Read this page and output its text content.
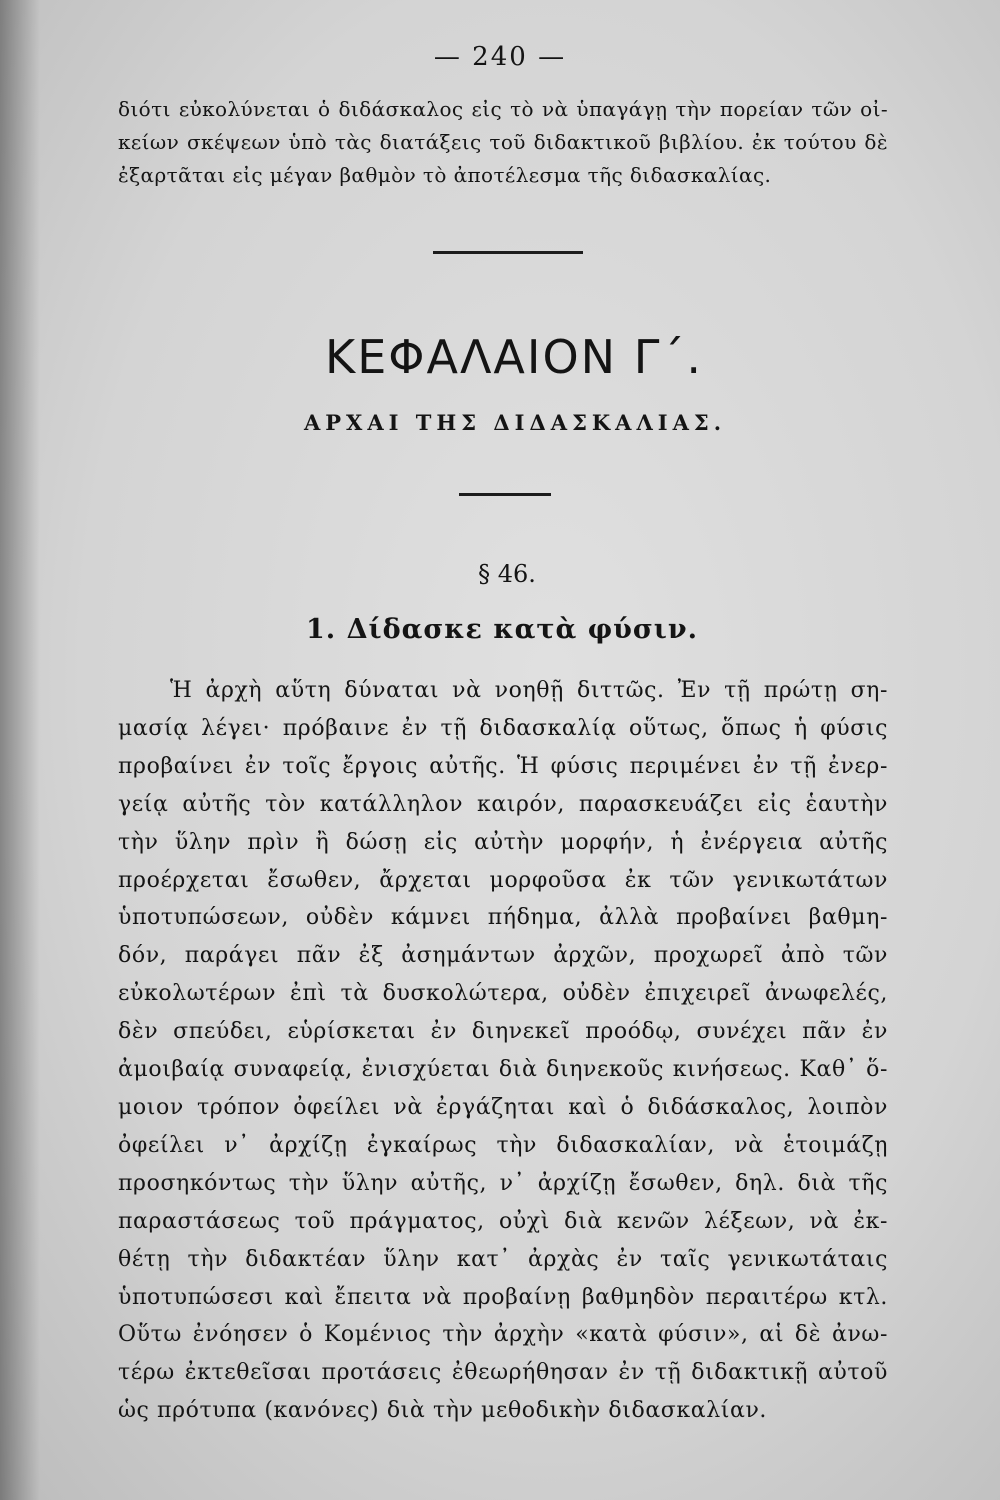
— 240 —
διότι εὐκολύνεται ὁ διδάσκαλος εἰς τὸ νὰ ὑπαγάγῃ τὴν πορείαν τῶν οἰ-
κείων σκέψεων ὑπὸ τὰς διατάξεις τοῦ διδακτικοῦ βιβλίου. ἐκ τούτου δὲ
ἐξαρτᾶται εἰς μέγαν βαθμὸν τὸ ἀποτέλεσμα τῆς διδασκαλίας.
ΚΕΦΑΛΑΙΟΝ Γ΄.
ΑΡΧΑΙ ΤΗΣ ΔΙΔΑΣΚΑΛΙΑΣ.
§ 46.
1. Δίδασκε κατὰ φύσιν.
Ἡ ἀρχὴ αὕτη δύναται νὰ νοηθῇ διττῶς. Ἐν τῇ πρώτῃ ση-
μασίᾳ λέγει· πρόβαινε ἐν τῇ διδασκαλίᾳ οὕτως, ὅπως ἡ φύσις
προβαίνει ἐν τοῖς ἔργοις αὐτῆς. Ἡ φύσις περιμένει ἐν τῇ ἐνερ-
γείᾳ αὐτῆς τὸν κατάλληλον καιρόν, παρασκευάζει εἰς ἑαυτὴν
τὴν ὕλην πρὶν ἢ δώσῃ εἰς αὐτὴν μορφήν, ἡ ἐνέργεια αὐτῆς
προέρχεται ἔσωθεν, ἄρχεται μορφοῦσα ἐκ τῶν γενικωτάτων
ὑποτυπώσεων, οὐδὲν κάμνει πήδημα, ἀλλὰ προβαίνει βαθμη-
δόν, παράγει πᾶν ἐξ ἀσημάντων ἀρχῶν, προχωρεῖ ἀπὸ τῶν
εὐκολωτέρων ἐπὶ τὰ δυσκολώτερα, οὐδὲν ἐπιχειρεῖ ἀνωφελές,
δὲν σπεύδει, εὑρίσκεται ἐν διηνεκεῖ προόδῳ, συνέχει πᾶν ἐν
ἀμοιβαίᾳ συναφείᾳ, ἐνισχύεται διὰ διηνεκοῦς κινήσεως. Καθ᾽ ὅ-
μοιον τρόπον ὀφείλει νὰ ἐργάζηται καὶ ὁ διδάσκαλος, λοιπὸν
ὀφείλει ν᾽ ἀρχίζῃ ἐγκαίρως τὴν διδασκαλίαν, νὰ ἑτοιμάζῃ
προσηκόντως τὴν ὕλην αὐτῆς, ν᾽ ἀρχίζῃ ἔσωθεν, δηλ. διὰ τῆς
παραστάσεως τοῦ πράγματος, οὐχὶ διὰ κενῶν λέξεων, νὰ ἐκ-
θέτῃ τὴν διδακτέαν ὕλην κατ᾽ ἀρχὰς ἐν ταῖς γενικωτάταις
ὑποτυπώσεσι καὶ ἔπειτα νὰ προβαίνῃ βαθμηδὸν περαιτέρω κτλ.
Οὕτω ἐνόησεν ὁ Κομένιος τὴν ἀρχὴν «κατὰ φύσιν», αἱ δὲ ἀνω-
τέρω ἐκτεθεῖσαι προτάσεις ἐθεωρήθησαν ἐν τῇ διδακτικῇ αὐτοῦ
ὡς πρότυπα (κανόνες) διὰ τὴν μεθοδικὴν διδασκαλίαν.
